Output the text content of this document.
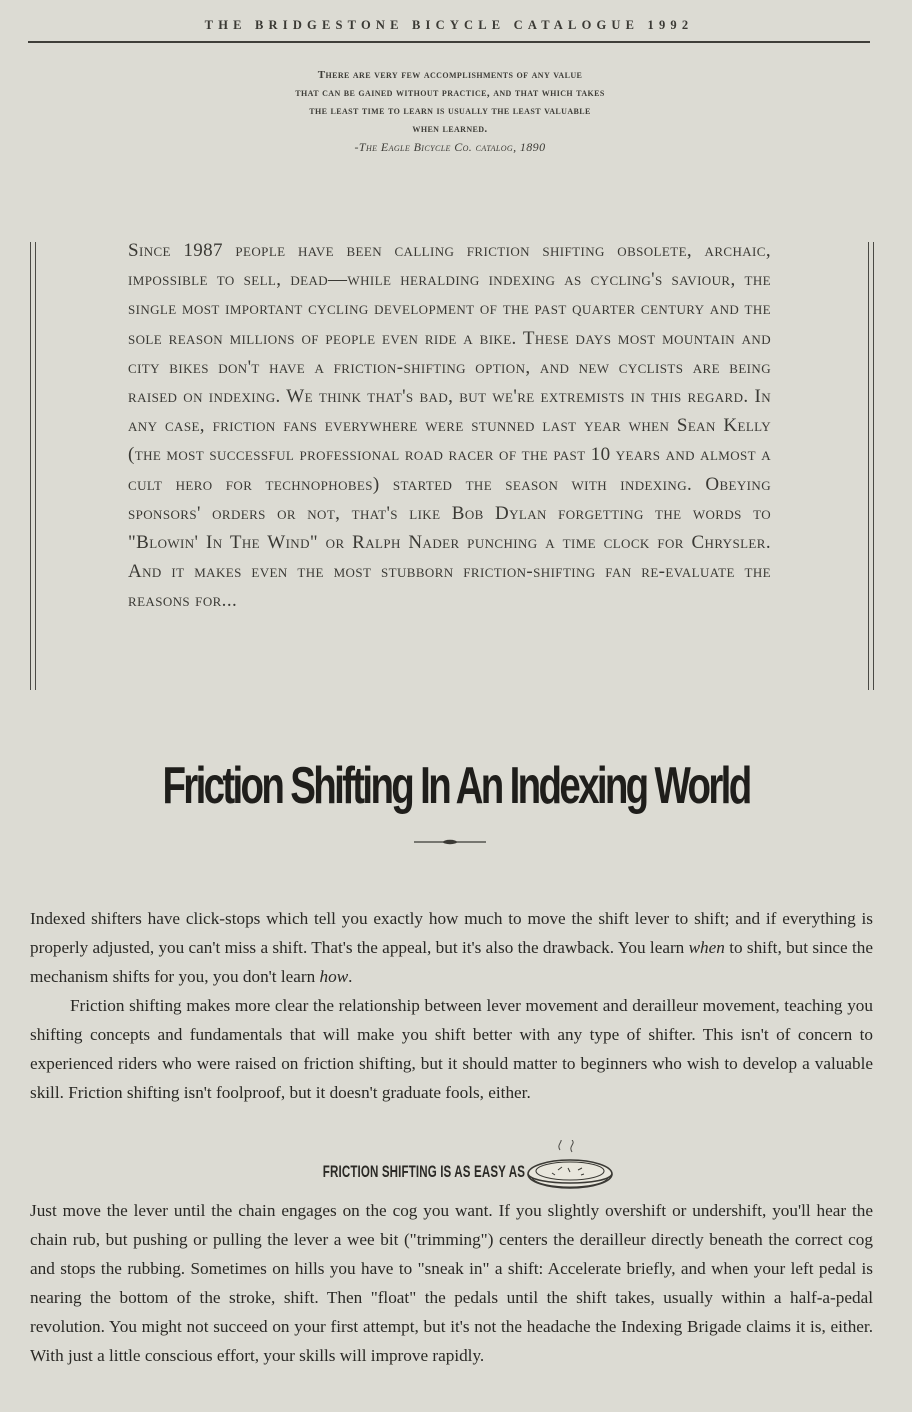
THE BRIDGESTONE BICYCLE CATALOGUE 1992
There are very few accomplishments of any value
that can be gained without practice, and that which takes
the least time to learn is usually the least valuable
when learned.
-The Eagle Bicycle Co. catalog, 1890
Since 1987 people have been calling friction shifting obsolete, archaic, impossible to sell, dead—while heralding indexing as cycling's saviour, the single most important cycling development of the past quarter century and the sole reason millions of people even ride a bike. These days most mountain and city bikes don't have a friction-shifting option, and new cyclists are being raised on indexing. We think that's bad, but we're extremists in this regard. In any case, friction fans everywhere were stunned last year when Sean Kelly (the most successful professional road racer of the past 10 years and almost a cult hero for technophobes) started the season with indexing. Obeying sponsors' orders or not, that's like Bob Dylan forgetting the words to "Blowin' In The Wind" or Ralph Nader punching a time clock for Chrysler. And it makes even the most stubborn friction-shifting fan re-evaluate the reasons for...
Friction Shifting In An Indexing World

Indexed shifters have click-stops which tell you exactly how much to move the shift lever to shift; and if everything is properly adjusted, you can't miss a shift. That's the appeal, but it's also the drawback. You learn when to shift, but since the mechanism shifts for you, you don't learn how.

Friction shifting makes more clear the relationship between lever movement and derailleur movement, teaching you shifting concepts and fundamentals that will make you shift better with any type of shifter. This isn't of concern to experienced riders who were raised on friction shifting, but it should matter to beginners who wish to develop a valuable skill. Friction shifting isn't foolproof, but it doesn't graduate fools, either.

FRICTION SHIFTING IS AS EASY AS

Just move the lever until the chain engages on the cog you want. If you slightly overshift or undershift, you'll hear the chain rub, but pushing or pulling the lever a wee bit ("trimming") centers the derailleur directly beneath the correct cog and stops the rubbing. Sometimes on hills you have to "sneak in" a shift: Accelerate briefly, and when your left pedal is nearing the bottom of the stroke, shift. Then "float" the pedals until the shift takes, usually within a half-a-pedal revolution. You might not succeed on your first attempt, but it's not the headache the Indexing Brigade claims it is, either. With just a little conscious effort, your skills will improve rapidly.
